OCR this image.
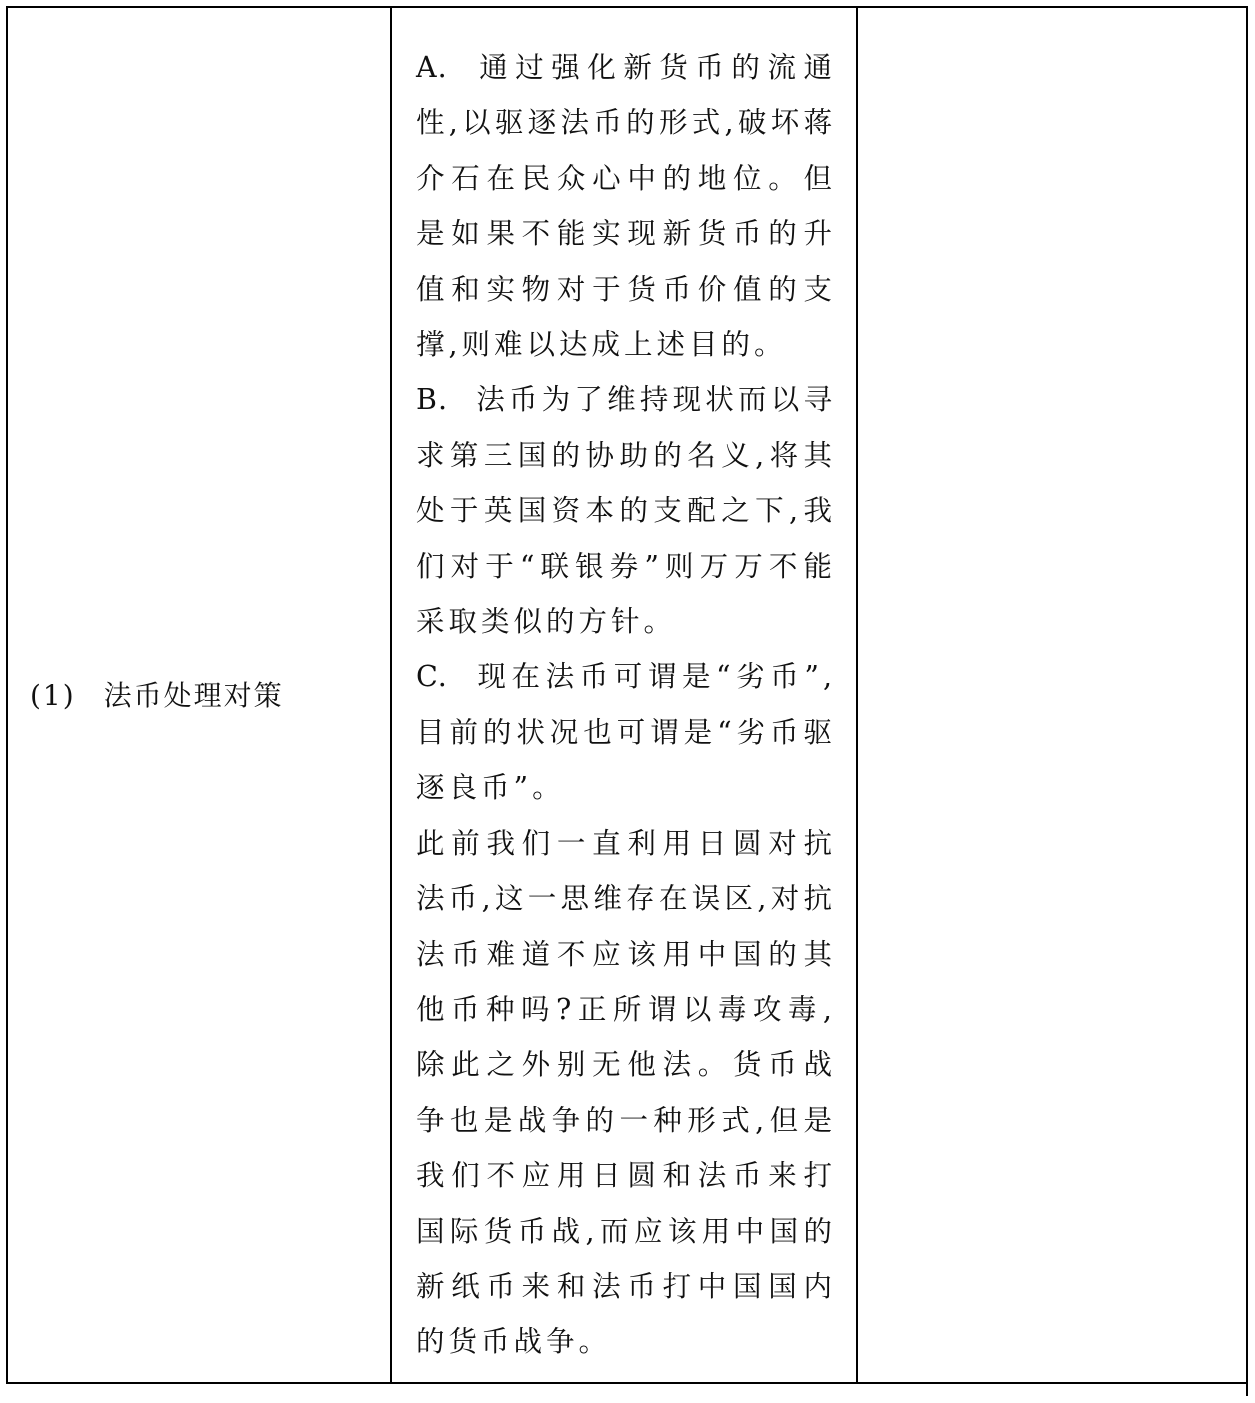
(1) 法币处理对策

A. 通过强化新货币的流通性,以驱逐法币的形式,破坏蒋介石在民众心中的地位。但是如果不能实现新货币的升值和实物对于货币价值的支撑,则难以达成上述目的。

B. 法币为了维持现状而以寻求第三国的协助的名义,将其处于英国资本的支配之下,我们对于“联银券”则万万不能采取类似的方针。

C. 现在法币可谓是“劣币”,目前的状况也可谓是“劣币驱逐良币”。

此前我们一直利用日圆对抗法币,这一思维存在误区,对抗法币难道不应该用中国的其他币种吗?正所谓以毒攻毒,除此之外别无他法。货币战争也是战争的一种形式,但是我们不应用日圆和法币来打国际货币战,而应该用中国的新纸币来和法币打中国国内的货币战争。
